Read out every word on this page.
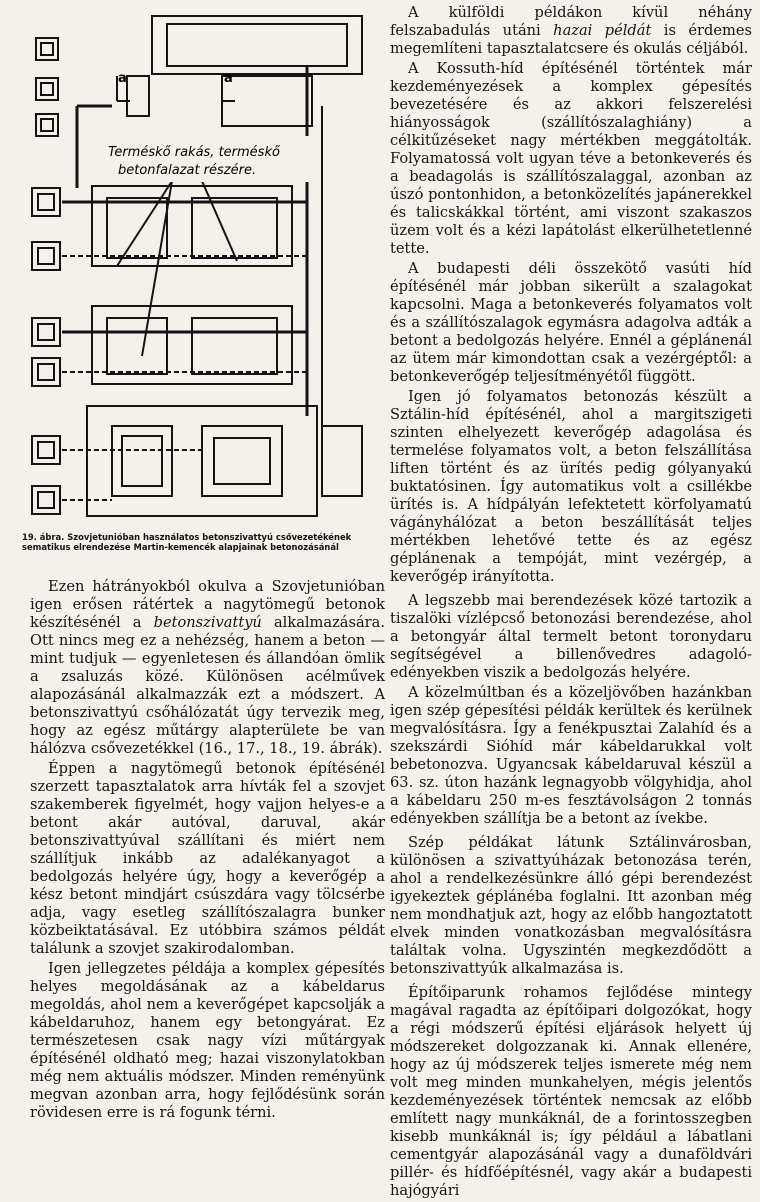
a	a
Terméskő rakás, terméskő
betonfalazat részére.
19. ábra. Szovjetunióban használatos betonszivattyú csővezetékének sematikus elrendezése Martin-kemencék alapjainak betonozásánál

Ezen hátrányokból okulva a Szovjetunióban igen erősen rátértek a nagytömegű betonok készítésénél a betonszivattyú alkalmazására. Ott nincs meg ez a nehézség, hanem a beton — mint tudjuk — egyenletesen és állandóan ömlik a zsaluzás közé. Különösen acélművek alapozásánál alkalmazzák ezt a módszert. A betonszivattyú csőhálózatát úgy tervezik meg, hogy az egész műtárgy alapterülete be van hálózva csővezetékkel (16., 17., 18., 19. ábrák).

Éppen a nagytömegű betonok építésénél szerzett tapasztalatok arra hívták fel a szovjet szakemberek figyelmét, hogy vajjon helyes-e a betont akár autóval, daruval, akár betonszivattyúval szállítani és miért nem szállítjuk inkább az adalékanyagot a bedolgozás helyére úgy, hogy a keverőgép a kész betont mindjárt csúszdára vagy tölcsérbe adja, vagy esetleg szállítószalagra bunker közbeiktatásával. Ez utóbbira számos példát találunk a szovjet szakirodalomban.

Igen jellegzetes példája a komplex gépesítés helyes megoldásának az a kábeldarus megoldás, ahol nem a keverőgépet kapcsolják a kábeldaruhoz, hanem egy betongyárat. Ez természetesen csak nagy vízi műtárgyak építésénél oldható meg; hazai viszonylatokban még nem aktuális módszer. Minden reményünk megvan azonban arra, hogy fejlődésünk során rövidesen erre is rá fogunk térni.

A külföldi példákon kívül néhány felszabadulás utáni hazai példát is érdemes megemlíteni tapasztalatcsere és okulás céljából.

A Kossuth-híd építésénél történtek már kezdeményezések a komplex gépesítés bevezetésére és az akkori felszerelési hiányosságok (szállítószalaghiány) a célkitűzéseket nagy mértékben meggátolták. Folyamatossá volt ugyan téve a betonkeverés és a beadagolás is szállítószalaggal, azonban az úszó pontonhidon, a betonközelítés japánerekkel és talicskákkal történt, ami viszont szakaszos üzem volt és a kézi lapátolást elkerülhetetlenné tette.

A budapesti déli összekötő vasúti híd építésénél már jobban sikerült a szalagokat kapcsolni. Maga a betonkeverés folyamatos volt és a szállítószalagok egymásra adagolva adták a betont a bedolgozás helyére. Ennél a géplánenál az ütem már kimondottan csak a vezérgéptől: a betonkeverőgép teljesítményétől függött.

Igen jó folyamatos betonozás készült a Sztálin-híd építésénél, ahol a margitszigeti szinten elhelyezett keverőgép adagolása és termelése folyamatos volt, a beton felszállítása liften történt és az ürítés pedig gólyanyakú buktatósinen. Így automatikus volt a csillékbe ürítés is. A hídpályán lefektetett körfolyamatú vágányhálózat a beton beszállítását teljes mértékben lehetővé tette és az egész géplánenak a tempóját, mint vezérgép, a keverőgép irányította.

A legszebb mai berendezések közé tartozik a tiszalöki vízlépcső betonozási berendezése, ahol a betongyár által termelt betont toronydaru segítségével a billenővedres adagoló-edényekben viszik a bedolgozás helyére.

A közelmúltban és a közeljövőben hazánkban igen szép gépesítési példák kerültek és kerülnek megvalósításra. Így a fenékpusztai Zalahíd és a szekszárdi Sióhíd már kábeldarukkal volt bebetonozva. Ugyancsak kábeldaruval készül a 63. sz. úton hazánk legnagyobb völgyhidja, ahol a kábeldaru 250 m-es fesztávolságon 2 tonnás edényekben szállítja be a betont az ívekbe.

Szép példákat látunk Sztálinvárosban, különösen a szivattyúházak betonozása terén, ahol a rendelkezésünkre álló gépi berendezést igyekeztek géplánéba foglalni. Itt azonban még nem mondhatjuk azt, hogy az előbb hangoztatott elvek minden vonatkozásban megvalósításra találtak volna. Ugyszintén megkezdődött a betonszivattyúk alkalmazása is.

Építőiparunk rohamos fejlődése mintegy magával ragadta az építőipari dolgozókat, hogy a régi módszerű építési eljárások helyett új módszereket dolgozzanak ki. Annak ellenére, hogy az új módszerek teljes ismerete még nem volt meg minden munkahelyen, mégis jelentős kezdeményezések történtek nemcsak az előbb említett nagy munkáknál, de a forintosszegben kisebb munkáknál is; így például a lábatlani cementgyár alapozásánál vagy a dunaföldvári pillér- és hídfőépítésnél, vagy akár a budapesti hajógyári
